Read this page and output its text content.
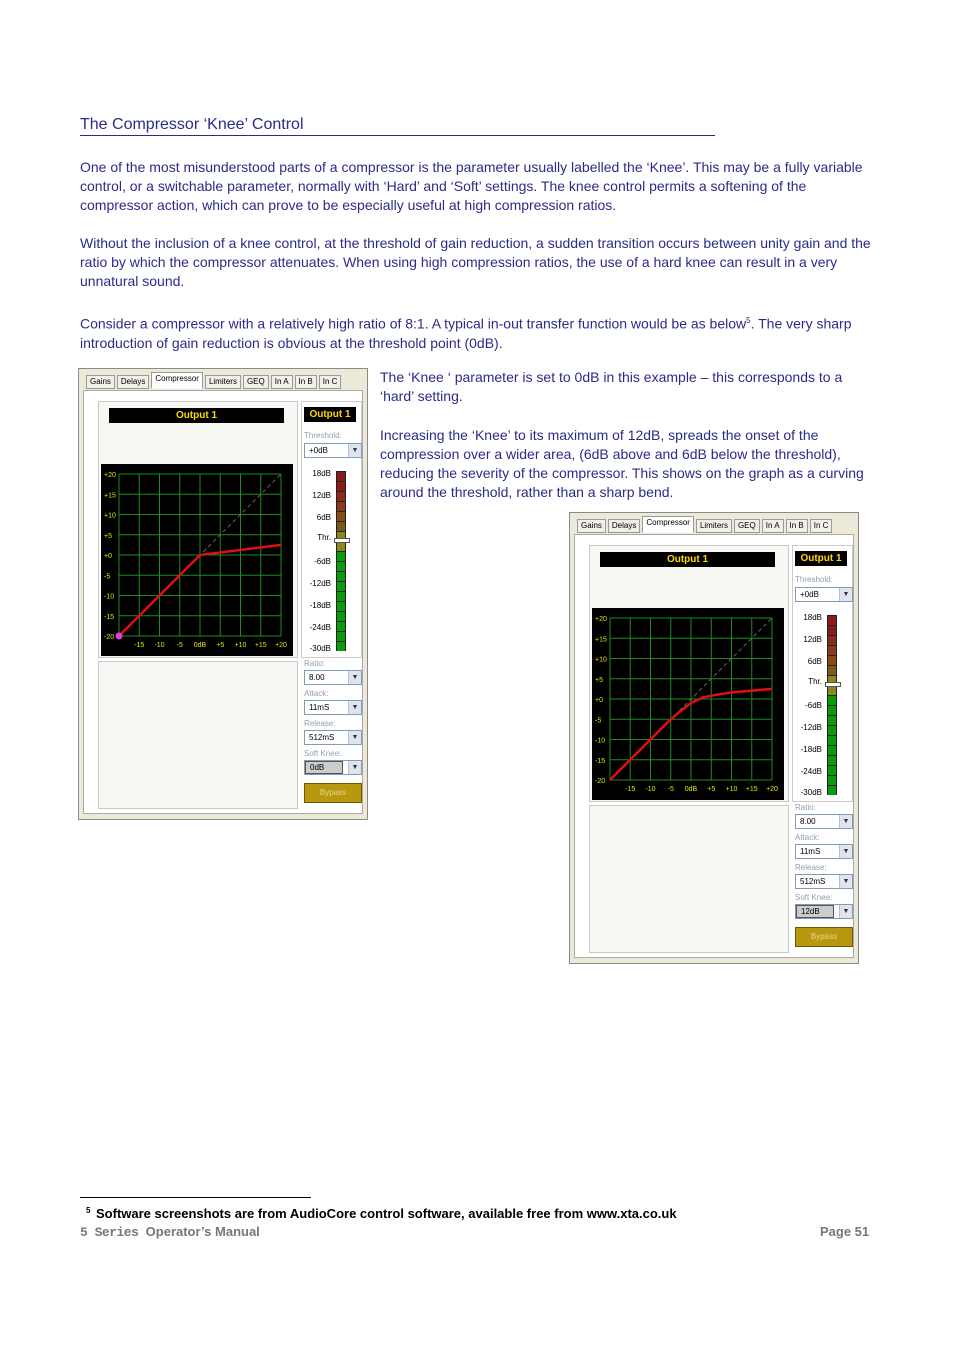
The Compressor ‘Knee’ Control

One of the most misunderstood parts of a compressor is the parameter usually labelled the ‘Knee’. This may be a fully variable control, or a switchable parameter, normally with ‘Hard’ and ‘Soft’ settings. The knee control permits a softening of the compressor action, which can prove to be especially useful at high compression ratios.

Without the inclusion of a knee control, at the threshold of gain reduction, a sudden transition occurs between unity gain and the ratio by which the compressor attenuates. When using high compression ratios, the use of a hard knee can result in a very unnatural sound.

Consider a compressor with a relatively high ratio of 8:1. A typical in-out transfer function would be as below$^5$. The very sharp introduction of gain reduction is obvious at the threshold point (0dB).

The ‘Knee ‘ parameter is set to 0dB in this example – this corresponds to a ‘hard’ setting.

Increasing the ‘Knee’ to its maximum of 12dB, spreads the onset of the compression over a wider area, (6dB above and 6dB below the threshold), reducing the severity of the compressor. This shows on the graph as a curving around the threshold, rather than a sharp bend.

Gains	Delays	Compressor	Limiters	GEQ	In A	In B	In C
Output 1
+20
+15
+10
+5
+0
-5
-10
-15
-20
-15 -10 -5 0dB +5 +10 +15 +20
Output 1
Threshold:
+0dB	▼
18dB
12dB
6dB
Thr.
-6dB
-12dB
-18dB
-24dB
-30dB
Ratio:
8.00	▼
Attack:
11mS	▼
Release:
512mS	▼
Soft Knee:
0dB	▼
Bypass
Gains	Delays	Compressor	Limiters	GEQ	In A	In B	In C
Output 1
+20
+15
+10
+5
+0
-5
-10
-15
-20
-15 -10 -5 0dB +5 +10 +15 +20
Output 1
Threshold:
+0dB	▼
18dB
12dB
6dB
Thr.
-6dB
-12dB
-18dB
-24dB
-30dB
Ratio:
8.00	▼
Attack:
11mS	▼
Release:
512mS	▼
Soft Knee:
12dB	▼
Bypass
5 Software screenshots are from AudioCore control software, available free from www.xta.co.uk
5 Series Operator’s Manual	Page 51
